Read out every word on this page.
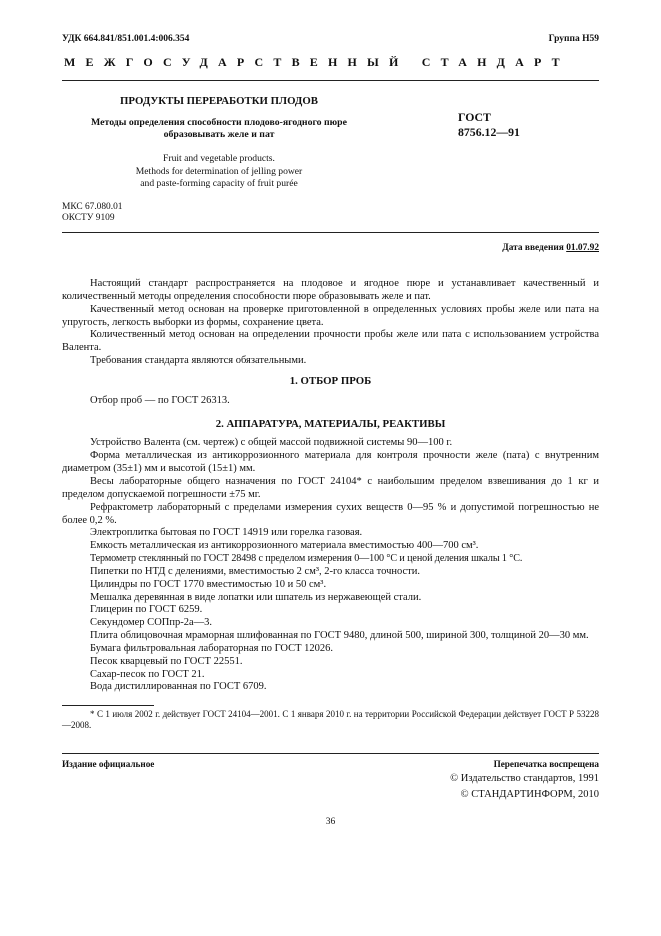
УДК 664.841/851.001.4:006.354	Группа Н59
МЕЖГОСУДАРСТВЕННЫЙ СТАНДАРТ
ПРОДУКТЫ ПЕРЕРАБОТКИ ПЛОДОВ
Методы определения способности плодово-ягодного пюре
образовывать желе и пат
ГОСТ
8756.12—91
Fruit and vegetable products.
Methods for determination of jelling power
and paste-forming capacity of fruit purée
МКС 67.080.01
ОКСТУ 9109
Дата введения 01.07.92

Настоящий стандарт распространяется на плодовое и ягодное пюре и устанавливает качественный и количественный методы определения способности пюре образовывать желе и пат.

Качественный метод основан на проверке приготовленной в определенных условиях пробы желе или пата на упругость, легкость выборки из формы, сохранение цвета.

Количественный метод основан на определении прочности пробы желе или пата с использованием устройства Валента.

Требования стандарта являются обязательными.

1. ОТБОР ПРОБ

Отбор проб — по ГОСТ 26313.

2. АППАРАТУРА, МАТЕРИАЛЫ, РЕАКТИВЫ

Устройство Валента (см. чертеж) с общей массой подвижной системы 90—100 г.

Форма металлическая из антикоррозионного материала для контроля прочности желе (пата) с внутренним диаметром (35±1) мм и высотой (15±1) мм.

Весы лабораторные общего назначения по ГОСТ 24104* с наибольшим пределом взвешивания до 1 кг и пределом допускаемой погрешности ±75 мг.

Рефрактометр лабораторный с пределами измерения сухих веществ 0—95 % и допустимой погрешностью не более 0,2 %.

Электроплитка бытовая по ГОСТ 14919 или горелка газовая.

Емкость металлическая из антикоррозионного материала вместимостью 400—700 см³.

Термометр стеклянный по ГОСТ 28498 с пределом измерения 0—100 °С и ценой деления шкалы 1 °С.

Пипетки по НТД с делениями, вместимостью 2 см³, 2-го класса точности.

Цилиндры по ГОСТ 1770 вместимостью 10 и 50 см³.

Мешалка деревянная в виде лопатки или шпатель из нержавеющей стали.

Глицерин по ГОСТ 6259.

Секундомер СОПпр-2а—3.

Плита облицовочная мраморная шлифованная по ГОСТ 9480, длиной 500, шириной 300, толщиной 20—30 мм.

Бумага фильтровальная лабораторная по ГОСТ 12026.

Песок кварцевый по ГОСТ 22551.

Сахар-песок по ГОСТ 21.

Вода дистиллированная по ГОСТ 6709.

* С 1 июля 2002 г. действует ГОСТ 24104—2001. С 1 января 2010 г. на территории Российской Федерации действует ГОСТ Р 53228—2008.

Издание официальное	Перепечатка воспрещена
© Издательство стандартов, 1991
© СТАНДАРТИНФОРМ, 2010
36
